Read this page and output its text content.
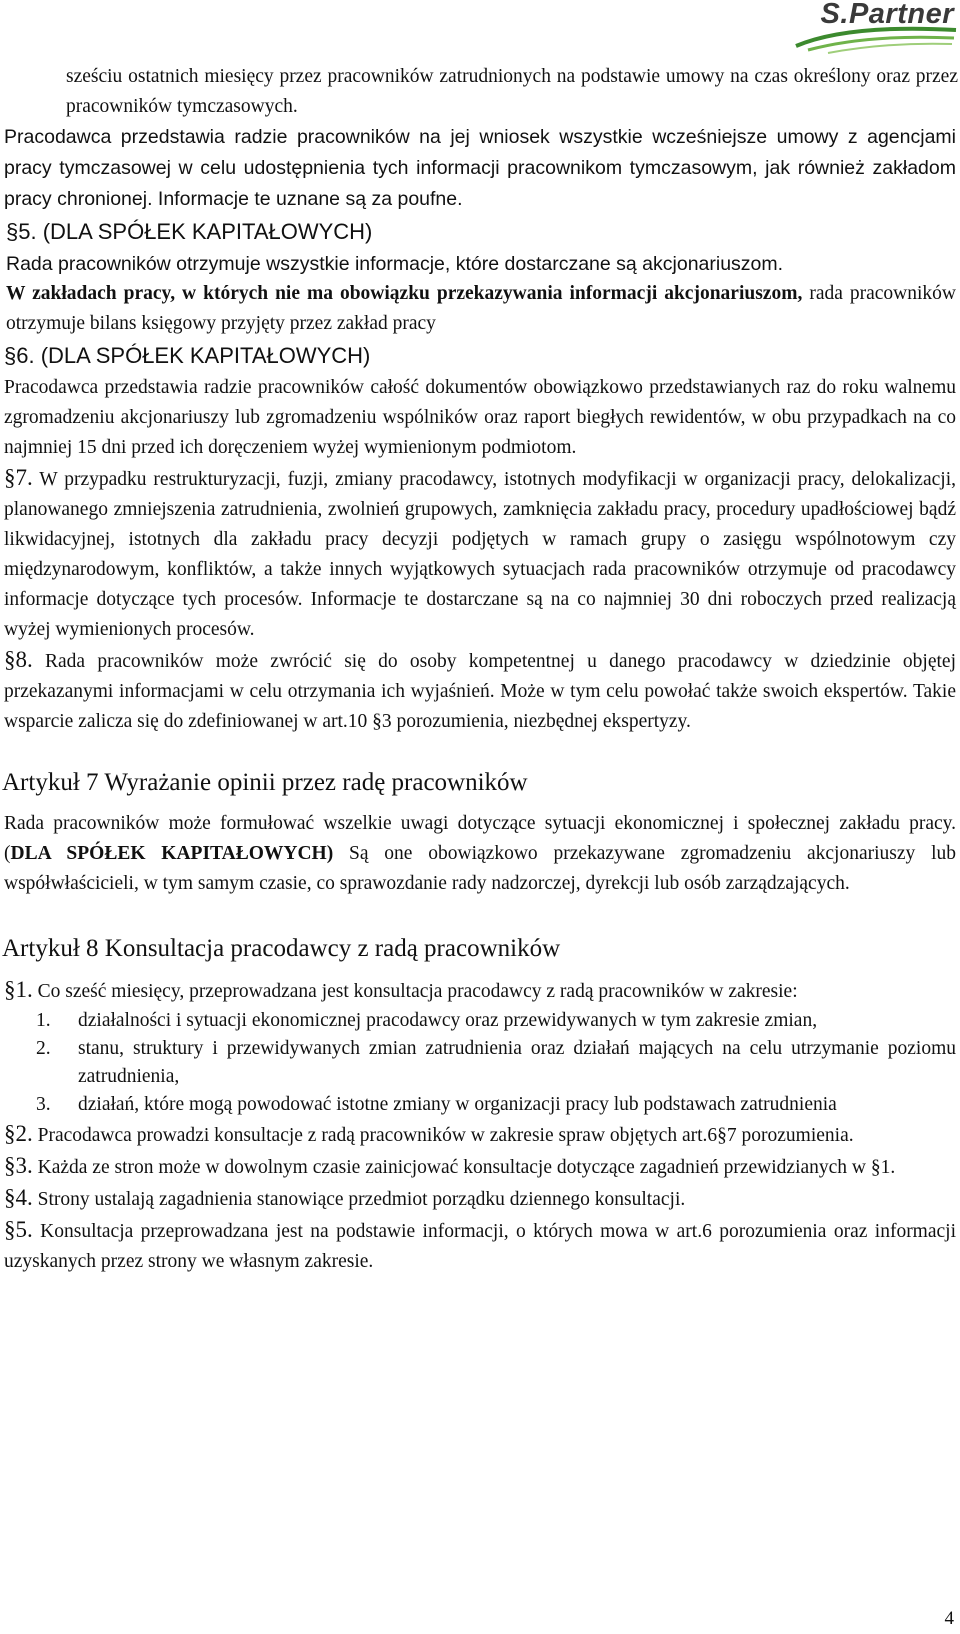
S.Partner

sześciu ostatnich miesięcy przez pracowników zatrudnionych na podstawie umowy na czas określony oraz przez pracowników tymczasowych.

Pracodawca przedstawia radzie pracowników na jej wniosek wszystkie wcześniejsze umowy z agencjami pracy tymczasowej w celu udostępnienia tych informacji pracownikom tymczasowym, jak również zakładom pracy chronionej. Informacje te uznane są za poufne.

§5. (DLA SPÓŁEK KAPITAŁOWYCH)

Rada pracowników otrzymuje wszystkie informacje, które dostarczane są akcjonariuszom.

W zakładach pracy, w których nie ma obowiązku przekazywania informacji akcjonariuszom, rada pracowników otrzymuje bilans księgowy przyjęty przez zakład pracy

§6. (DLA SPÓŁEK KAPITAŁOWYCH)

Pracodawca przedstawia radzie pracowników całość dokumentów obowiązkowo przedstawianych raz do roku walnemu zgromadzeniu akcjonariuszy lub zgromadzeniu wspólników oraz raport biegłych rewidentów, w obu przypadkach na co najmniej 15 dni przed ich doręczeniem wyżej wymienionym podmiotom.

§7. W przypadku restrukturyzacji, fuzji, zmiany pracodawcy, istotnych modyfikacji w organizacji pracy, delokalizacji, planowanego zmniejszenia zatrudnienia, zwolnień grupowych, zamknięcia zakładu pracy, procedury upadłościowej bądź likwidacyjnej, istotnych dla zakładu pracy decyzji podjętych w ramach grupy o zasięgu wspólnotowym czy międzynarodowym, konfliktów, a także innych wyjątkowych sytuacjach rada pracowników otrzymuje od pracodawcy informacje dotyczące tych procesów. Informacje te dostarczane są na co najmniej 30 dni roboczych przed realizacją wyżej wymienionych procesów.

§8. Rada pracowników może zwrócić się do osoby kompetentnej u danego pracodawcy w dziedzinie objętej przekazanymi informacjami w celu otrzymania ich wyjaśnień. Może w tym celu powołać także swoich ekspertów. Takie wsparcie zalicza się do zdefiniowanej w art.10 §3 porozumienia, niezbędnej ekspertyzy.

Artykuł 7 Wyrażanie opinii przez radę pracowników

Rada pracowników może formułować wszelkie uwagi dotyczące sytuacji ekonomicznej i społecznej zakładu pracy. (DLA SPÓŁEK KAPITAŁOWYCH) Są one obowiązkowo przekazywane zgromadzeniu akcjonariuszy lub współwłaścicieli, w tym samym czasie, co sprawozdanie rady nadzorczej, dyrekcji lub osób zarządzających.

Artykuł 8 Konsultacja pracodawcy z radą pracowników

§1. Co sześć miesięcy, przeprowadzana jest konsultacja pracodawcy z radą pracowników w zakresie:

1. działalności i sytuacji ekonomicznej pracodawcy oraz przewidywanych w tym zakresie zmian,
2. stanu, struktury i przewidywanych zmian zatrudnienia oraz działań mających na celu utrzymanie poziomu zatrudnienia,
3. działań, które mogą powodować istotne zmiany w organizacji pracy lub podstawach zatrudnienia

§2. Pracodawca prowadzi konsultacje z radą pracowników w zakresie spraw objętych art.6§7 porozumienia.

§3. Każda ze stron może w dowolnym czasie zainicjować konsultacje dotyczące zagadnień przewidzianych w §1.

§4. Strony ustalają zagadnienia stanowiące przedmiot porządku dziennego konsultacji.

§5. Konsultacja przeprowadzana jest na podstawie informacji, o których mowa w art.6 porozumienia oraz informacji uzyskanych przez strony we własnym zakresie.

4
